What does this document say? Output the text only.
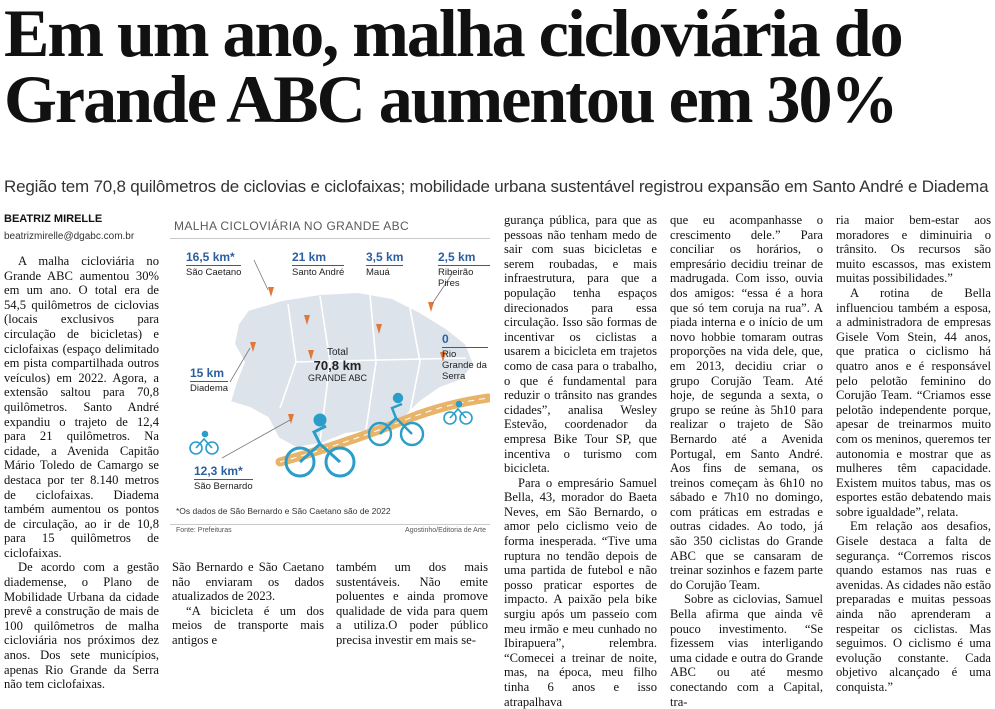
Em um ano, malha cicloviária do Grande ABC aumentou em 30%
Região tem 70,8 quilômetros de ciclovias e ciclofaixas; mobilidade urbana sustentável registrou expansão em Santo André e Diadema
BEATRIZ MIRELLE
beatrizmirelle@dgabc.com.br

A malha cicloviária no Grande ABC aumentou 30% em um ano. O total era de 54,5 quilômetros de ciclovias (locais exclusivos para circulação de bicicletas) e ciclofaixas (espaço delimitado em pista compartilhada outros veículos) em 2022. Agora, a extensão saltou para 70,8 quilômetros. Santo André expandiu o trajeto de 12,4 para 21 quilômetros. Na cidade, a Avenida Capitão Mário Toledo de Camargo se destaca por ter 8.140 metros de ciclofaixas. Diadema também aumentou os pontos de circulação, ao ir de 10,8 para 15 quilômetros de ciclofaixas.

De acordo com a gestão diademense, o Plano de Mobilidade Urbana da cidade prevê a construção de mais de 100 quilômetros de malha cicloviária nos próximos dez anos. Dos sete municípios, apenas Rio Grande da Serra não tem ciclofaixas.

MALHA CICLOVIÁRIA NO GRANDE ABC
16,5 km*
São Caetano
21 km
Santo André
3,5 km
Mauá
2,5 km
Ribeirão Pires
15 km
Diadema
0
Rio Grande da Serra
12,3 km*
São Bernardo
Total
70,8 km
GRANDE ABC
*Os dados de São Bernardo e São Caetano são de 2022
Fonte: Prefeituras	Agostinho/Editoria de Arte

São Bernardo e São Caetano não enviaram os dados atualizados de 2023.

“A bicicleta é um dos meios de transporte mais antigos e

também um dos mais sustentáveis. Não emite poluentes e ainda promove qualidade de vida para quem a utiliza.O poder público precisa investir em mais se-

gurança pública, para que as pessoas não tenham medo de sair com suas bicicletas e serem roubadas, e mais infraestrutura, para que a população tenha espaços direcionados para essa circulação. Isso são formas de incentivar os ciclistas a usarem a bicicleta em trajetos como de casa para o trabalho, o que é fundamental para reduzir o trânsito nas grandes cidades”, analisa Wesley Estevão, coordenador da empresa Bike Tour SP, que incentiva o turismo com bicicleta.

Para o empresário Samuel Bella, 43, morador do Baeta Neves, em São Bernardo, o amor pelo ciclismo veio de forma inesperada. “Tive uma ruptura no tendão depois de uma partida de futebol e não posso praticar esportes de impacto. A paixão pela bike surgiu após um passeio com meu irmão e meu cunhado no Ibirapuera”, relembra. “Comecei a treinar de noite, mas, na época, meu filho tinha 6 anos e isso atrapalhava

que eu acompanhasse o crescimento dele.” Para conciliar os horários, o empresário decidiu treinar de madrugada. Com isso, ouvia dos amigos: “essa é a hora que só tem coruja na rua”. A piada interna e o início de um novo hobbie tomaram outras proporções na vida dele, que, em 2013, decidiu criar o grupo Corujão Team. Até hoje, de segunda a sexta, o grupo se reúne às 5h10 para realizar o trajeto de São Bernardo até a Avenida Portugal, em Santo André. Aos fins de semana, os treinos começam às 6h10 no sábado e 7h10 no domingo, com práticas em estradas e outras cidades. Ao todo, já são 350 ciclistas do Grande ABC que se cansaram de treinar sozinhos e fazem parte do Corujão Team.

Sobre as ciclovias, Samuel Bella afirma que ainda vê pouco investimento. “Se fizessem vias interligando uma cidade e outra do Grande ABC ou até mesmo conectando com a Capital, tra-

ria maior bem-estar aos moradores e diminuiria o trânsito. Os recursos são muito escassos, mas existem muitas possibilidades.”

A rotina de Bella influenciou também a esposa, a administradora de empresas Gisele Vom Stein, 44 anos, que pratica o ciclismo há quatro anos e é responsável pelo pelotão feminino do Corujão Team. “Criamos esse pelotão independente porque, apesar de treinarmos muito com os meninos, queremos ter autonomia e mostrar que as mulheres têm capacidade. Existem muitos tabus, mas os esportes estão debatendo mais sobre igualdade”, relata.

Em relação aos desafios, Gisele destaca a falta de segurança. “Corremos riscos quando estamos nas ruas e avenidas. As cidades não estão preparadas e muitas pessoas ainda não aprenderam a respeitar os ciclistas. Mas seguimos. O ciclismo é uma evolução constante. Cada objetivo alcançado é uma conquista.”
